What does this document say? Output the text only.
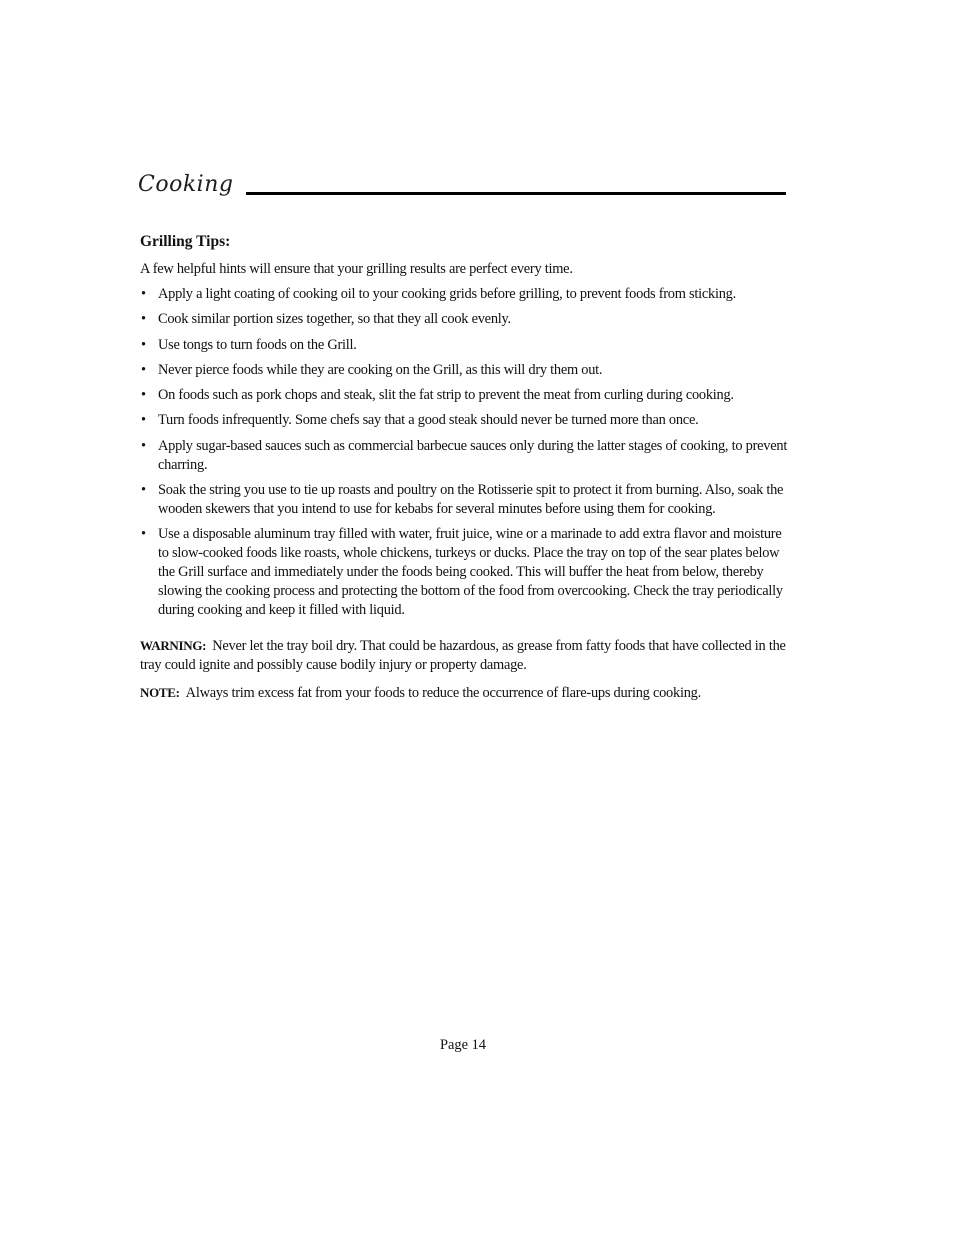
Cooking
Grilling Tips:

A few helpful hints will ensure that your grilling results are perfect every time.

• Apply a light coating of cooking oil to your cooking grids before grilling, to prevent foods from sticking.
• Cook similar portion sizes together, so that they all cook evenly.
• Use tongs to turn foods on the Grill.
• Never pierce foods while they are cooking on the Grill, as this will dry them out.
• On foods such as pork chops and steak, slit the fat strip to prevent the meat from curling during cooking.
• Turn foods infrequently. Some chefs say that a good steak should never be turned more than once.
• Apply sugar-based sauces such as commercial barbecue sauces only during the latter stages of cooking, to prevent charring.
• Soak the string you use to tie up roasts and poultry on the Rotisserie spit to protect it from burning. Also, soak the wooden skewers that you intend to use for kebabs for several minutes before using them for cooking.
• Use a disposable aluminum tray filled with water, fruit juice, wine or a marinade to add extra flavor and moisture to slow-cooked foods like roasts, whole chickens, turkeys or ducks. Place the tray on top of the sear plates below the Grill surface and immediately under the foods being cooked. This will buffer the heat from below, thereby slowing the cooking process and protecting the bottom of the food from overcooking. Check the tray periodically during cooking and keep it filled with liquid.

WARNING: Never let the tray boil dry. That could be hazardous, as grease from fatty foods that have collected in the tray could ignite and possibly cause bodily injury or property damage.

NOTE: Always trim excess fat from your foods to reduce the occurrence of flare-ups during cooking.

Page 14
